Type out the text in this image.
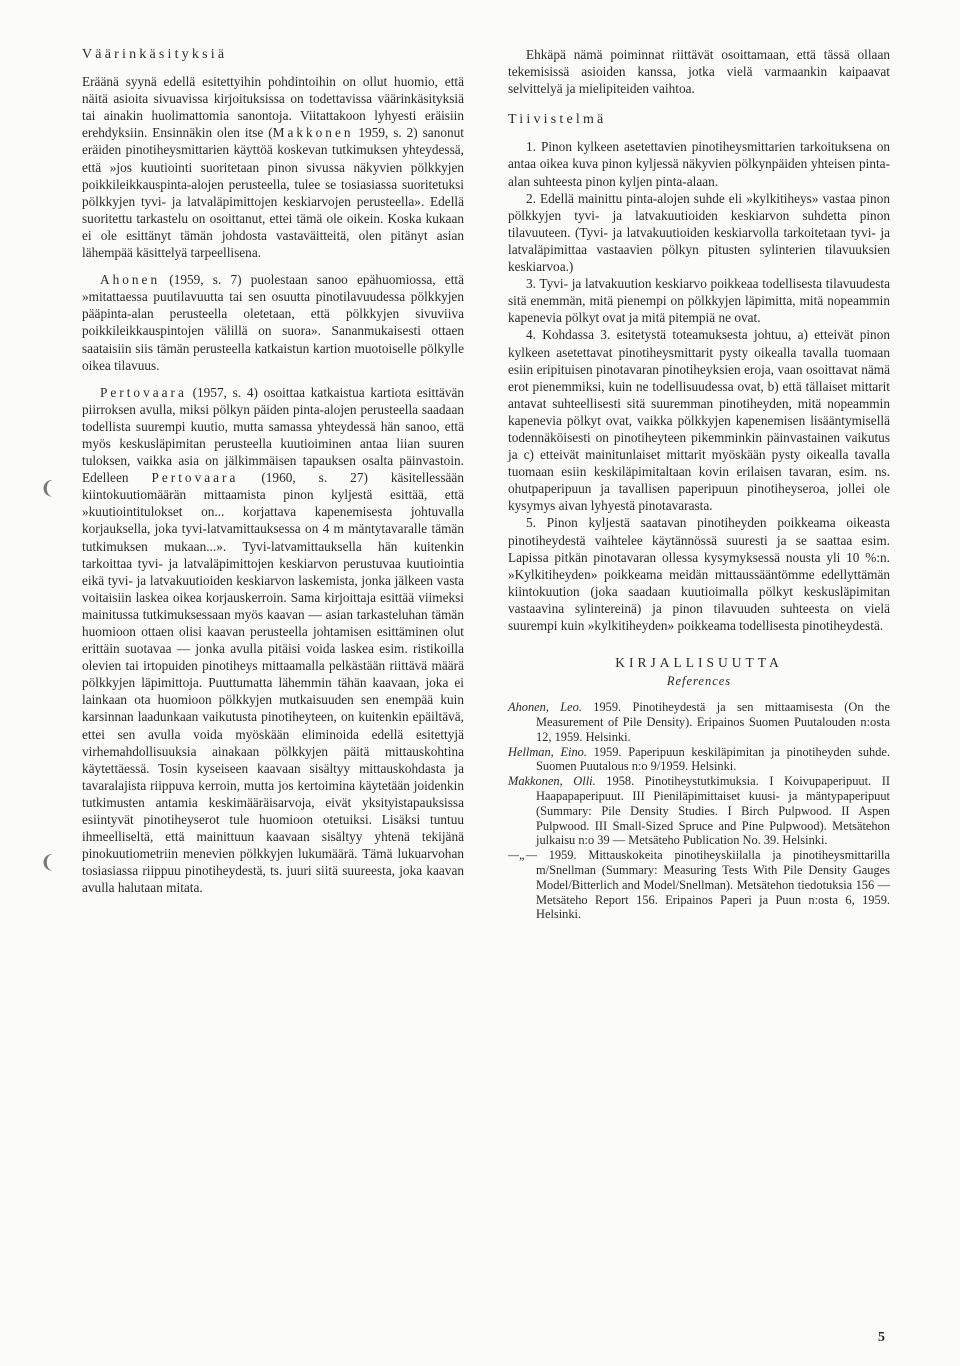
Väärinkäsityksiä

Eräänä syynä edellä esitettyihin pohdintoihin on ollut huomio, että näitä asioita sivuavissa kirjoituksissa on todettavissa väärinkäsityksiä tai ainakin huolimattomia sanontoja. Viitattakoon lyhyesti eräisiin erehdyksiin. Ensinnäkin olen itse (Makkonen 1959, s. 2) sanonut eräiden pinotiheysmittarien käyttöä koskevan tutkimuksen yhteydessä, että »jos kuutiointi suoritetaan pinon sivussa näkyvien pölkkyjen poikkileikkauspinta-alojen perusteella, tulee se tosiasiassa suoritetuksi pölkkyjen tyvi- ja latvaläpimittojen keskiarvojen perusteella». Edellä suoritettu tarkastelu on osoittanut, ettei tämä ole oikein. Koska kukaan ei ole esittänyt tämän johdosta vastaväitteitä, olen pitänyt asian lähempää käsittelyä tarpeellisena.

Ahonen (1959, s. 7) puolestaan sanoo epähuomiossa, että »mitattaessa puutilavuutta tai sen osuutta pinotilavuudessa pölkkyjen pääpinta-alan perusteella oletetaan, että pölkkyjen sivuviiva poikkileikkauspintojen välillä on suora». Sananmukaisesti ottaen saataisiin siis tämän perusteella katkaistun kartion muotoiselle pölkylle oikea tilavuus.

Pertovaara (1957, s. 4) osoittaa katkaistua kartiota esittävän piirroksen avulla, miksi pölkyn päiden pinta-alojen perusteella saadaan todellista suurempi kuutio, mutta samassa yhteydessä hän sanoo, että myös keskusläpimitan perusteella kuutioiminen antaa liian suuren tuloksen, vaikka asia on jälkimmäisen tapauksen osalta päinvastoin. Edelleen Pertovaara (1960, s. 27) käsitellessään kiintokuutiomäärän mittaamista pinon kyljestä esittää, että »kuutiointitulokset on... korjattava kapenemisesta johtuvalla korjauksella, joka tyvi-latvamittauksessa on 4 m mäntytavaralle tämän tutkimuksen mukaan...». Tyvi-latvamittauksella hän kuitenkin tarkoittaa tyvi- ja latvaläpimittojen keskiarvon perustuvaa kuutiointia eikä tyvi- ja latvakuutioiden keskiarvon laskemista, jonka jälkeen vasta voitaisiin laskea oikea korjauskerroin. Sama kirjoittaja esittää viimeksi mainitussa tutkimuksessaan myös kaavan — asian tarkasteluhan tämän huomioon ottaen olisi kaavan perusteella johtamisen esittäminen olut erittäin suotavaa — jonka avulla pitäisi voida laskea esim. ristikoilla olevien tai irtopuiden pinotiheys mittaamalla pelkästään riittävä määrä pölkkyjen läpimittoja. Puuttumatta lähemmin tähän kaavaan, joka ei lainkaan ota huomioon pölkkyjen mutkaisuuden sen enempää kuin karsinnan laadunkaan vaikutusta pinotiheyteen, on kuitenkin epäiltävä, ettei sen avulla voida myöskään eliminoida edellä esitettyjä virhemahdollisuuksia ainakaan pölkkyjen päitä mittauskohtina käytettäessä. Tosin kyseiseen kaavaan sisältyy mittauskohdasta ja tavaralajista riippuva kerroin, mutta jos kertoimina käytetään joidenkin tutkimusten antamia keskimääräisarvoja, eivät yksityistapauksissa esiintyvät pinotiheyserot tule huomioon otetuiksi. Lisäksi tuntuu ihmeelliseltä, että mainittuun kaavaan sisältyy yhtenä tekijänä pinokuutiometriin menevien pölkkyjen lukumäärä. Tämä lukuarvohan tosiasiassa riippuu pinotiheydestä, ts. juuri siitä suureesta, joka kaavan avulla halutaan mitata.

Ehkäpä nämä poiminnat riittävät osoittamaan, että tässä ollaan tekemisissä asioiden kanssa, jotka vielä varmaankin kaipaavat selvittelyä ja mielipiteiden vaihtoa.

Tiivistelmä

1. Pinon kylkeen asetettavien pinotiheysmittarien tarkoituksena on antaa oikea kuva pinon kyljessä näkyvien pölkynpäiden yhteisen pinta-alan suhteesta pinon kyljen pinta-alaan.

2. Edellä mainittu pinta-alojen suhde eli »kylkitiheys» vastaa pinon pölkkyjen tyvi- ja latvakuutioiden keskiarvon suhdetta pinon tilavuuteen. (Tyvi- ja latvakuutioiden keskiarvolla tarkoitetaan tyvi- ja latvaläpimittaa vastaavien pölkyn pitusten sylinterien tilavuuksien keskiarvoa.)

3. Tyvi- ja latvakuution keskiarvo poikkeaa todellisesta tilavuudesta sitä enemmän, mitä pienempi on pölkkyjen läpimitta, mitä nopeammin kapenevia pölkyt ovat ja mitä pitempiä ne ovat.

4. Kohdassa 3. esitetystä toteamuksesta johtuu, a) etteivät pinon kylkeen asetettavat pinotiheysmittarit pysty oikealla tavalla tuomaan esiin eripituisen pinotavaran pinotiheyksien eroja, vaan osoittavat nämä erot pienemmiksi, kuin ne todellisuudessa ovat, b) että tällaiset mittarit antavat suhteellisesti sitä suuremman pinotiheyden, mitä nopeammin kapenevia pölkyt ovat, vaikka pölkkyjen kapenemisen lisääntymisellä todennäköisesti on pinotiheyteen pikemminkin päinvastainen vaikutus ja c) etteivät mainitunlaiset mittarit myöskään pysty oikealla tavalla tuomaan esiin keskiläpimitaltaan kovin erilaisen tavaran, esim. ns. ohutpaperipuun ja tavallisen paperipuun pinotiheyseroa, jollei ole kysymys aivan lyhyestä pinotavarasta.

5. Pinon kyljestä saatavan pinotiheyden poikkeama oikeasta pinotiheydestä vaihtelee käytännössä suuresti ja se saattaa esim. Lapissa pitkän pinotavaran ollessa kysymyksessä nousta yli 10 %:n. »Kylkitiheyden» poikkeama meidän mittaussääntömme edellyttämän kiintokuution (joka saadaan kuutioimalla pölkyt keskusläpimitan vastaavina sylintereinä) ja pinon tilavuuden suhteesta on vielä suurempi kuin »kylkitiheyden» poikkeama todellisesta pinotiheydestä.

KIRJALLISUUTTA
References

Ahonen, Leo. 1959. Pinotiheydestä ja sen mittaamisesta (On the Measurement of Pile Density). Eripainos Suomen Puutalouden n:osta 12, 1959. Helsinki.

Hellman, Eino. 1959. Paperipuun keskiläpimitan ja pinotiheyden suhde. Suomen Puutalous n:o 9/1959. Helsinki.

Makkonen, Olli. 1958. Pinotiheystutkimuksia. I Koivupaperipuut. II Haapapaperipuut. III Pieniläpimittaiset kuusi- ja mäntypaperipuut (Summary: Pile Density Studies. I Birch Pulpwood. II Aspen Pulpwood. III Small-Sized Spruce and Pine Pulpwood). Metsätehon julkaisu n:o 39 — Metsäteho Publication No. 39. Helsinki.

—„— 1959. Mittauskokeita pinotiheyskiilalla ja pinotiheysmittarilla m/Snellman (Summary: Measuring Tests With Pile Density Gauges Model/Bitterlich and Model/Snellman). Metsätehon tiedotuksia 156 — Metsäteho Report 156. Eripainos Paperi ja Puun n:osta 6, 1959. Helsinki.

❨
❨
5
